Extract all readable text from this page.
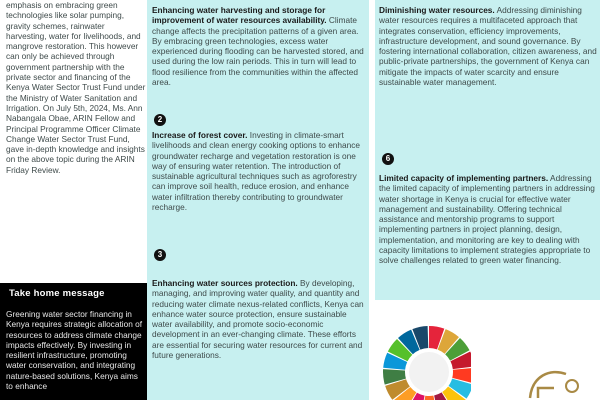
emphasis on embracing green technologies like solar pumping, gravity schemes, rainwater harvesting, water for livelihoods, and mangrove restoration. This however can only be achieved through government partnership with the private sector and financing of the Kenya Water Sector Trust Fund under the Ministry of Water Sanitation and Irrigation. On July 5th, 2024, Ms. Ann Nabangala Obae, ARIN Fellow and Principal Programme Officer Climate Change Water Sector Trust Fund, gave in-depth knowledge and insights on the above topic during the ARIN Friday Review.

Take home message

Greening water sector financing in Kenya requires strategic allocation of resources to address climate change impacts effectively. By investing in resilient infrastructure, promoting water conservation, and integrating nature-based solutions, Kenya aims to enhance

Enhancing water harvesting and storage for improvement of water resources availability. Climate change affects the precipitation patterns of a given area. By embracing green technologies, excess water experienced during flooding can be harvested stored, and used during the low rain periods. This in turn will lead to flood resilience from the communities within the affected area.
2
Increase of forest cover. Investing in climate-smart livelihoods and clean energy cooking options to enhance groundwater recharge and vegetation restoration is one way of ensuring water retention. The introduction of sustainable agricultural techniques such as agroforestry can improve soil health, reduce erosion, and enhance water infiltration thereby contributing to groundwater recharge.
3
Enhancing water sources protection. By developing, managing, and improving water quality, and quantity and reducing water climate nexus-related conflicts, Kenya can enhance water source protection, ensure sustainable water availability, and promote socio-economic development in an ever-changing climate. These efforts are essential for securing water resources for current and future generations.
Diminishing water resources. Addressing diminishing water resources requires a multifaceted approach that integrates conservation, efficiency improvements, infrastructure development, and sound governance. By fostering international collaboration, citizen awareness, and public-private partnerships, the government of Kenya can mitigate the impacts of water scarcity and ensure sustainable water management.
6
Limited capacity of implementing partners. Addressing the limited capacity of implementing partners in addressing water shortage in Kenya is crucial for effective water management and sustainability. Offering technical assistance and mentorship programs to support implementing partners in project planning, design, implementation, and monitoring are key to dealing with capacity limitations to implement strategies appropriate to solve challenges related to green water financing.
